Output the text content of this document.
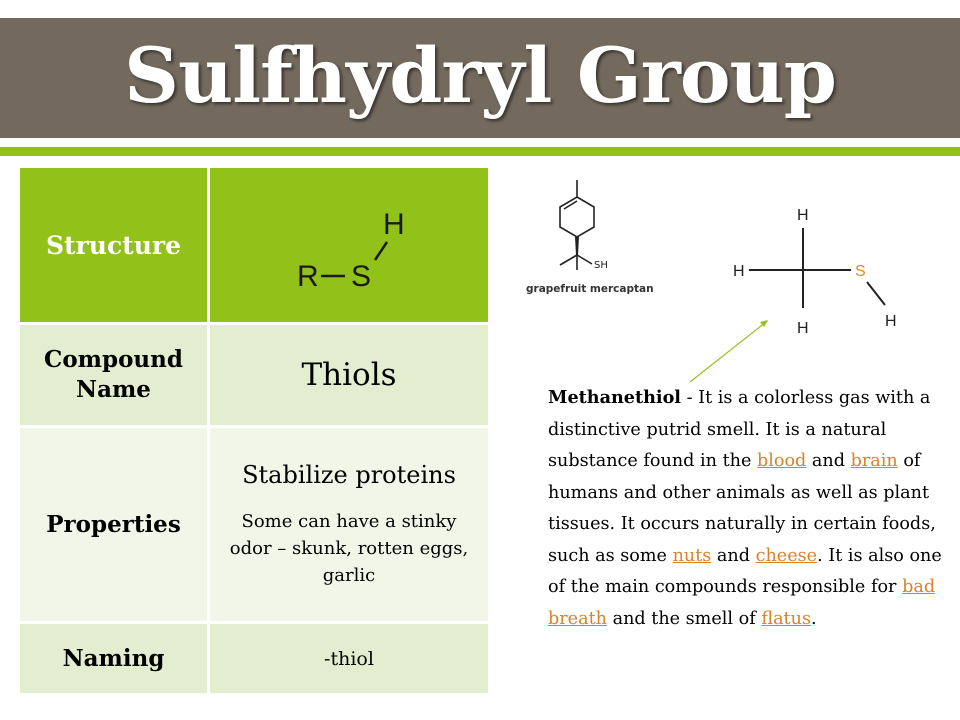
Sulfhydryl Group
Structure	R S
H

Compound Name	Thiols

Properties	Stabilize proteins
Some can have a stinky odor – skunk, rotten eggs, garlic

Naming	-thiol
SH
grapefruit mercaptan
H
H	S
H	H
Methanethiol - It is a colorless gas with a distinctive putrid smell. It is a natural substance found in the blood and brain of humans and other animals as well as plant tissues. It occurs naturally in certain foods, such as some nuts and cheese. It is also one of the main compounds responsible for bad breath and the smell of flatus.
